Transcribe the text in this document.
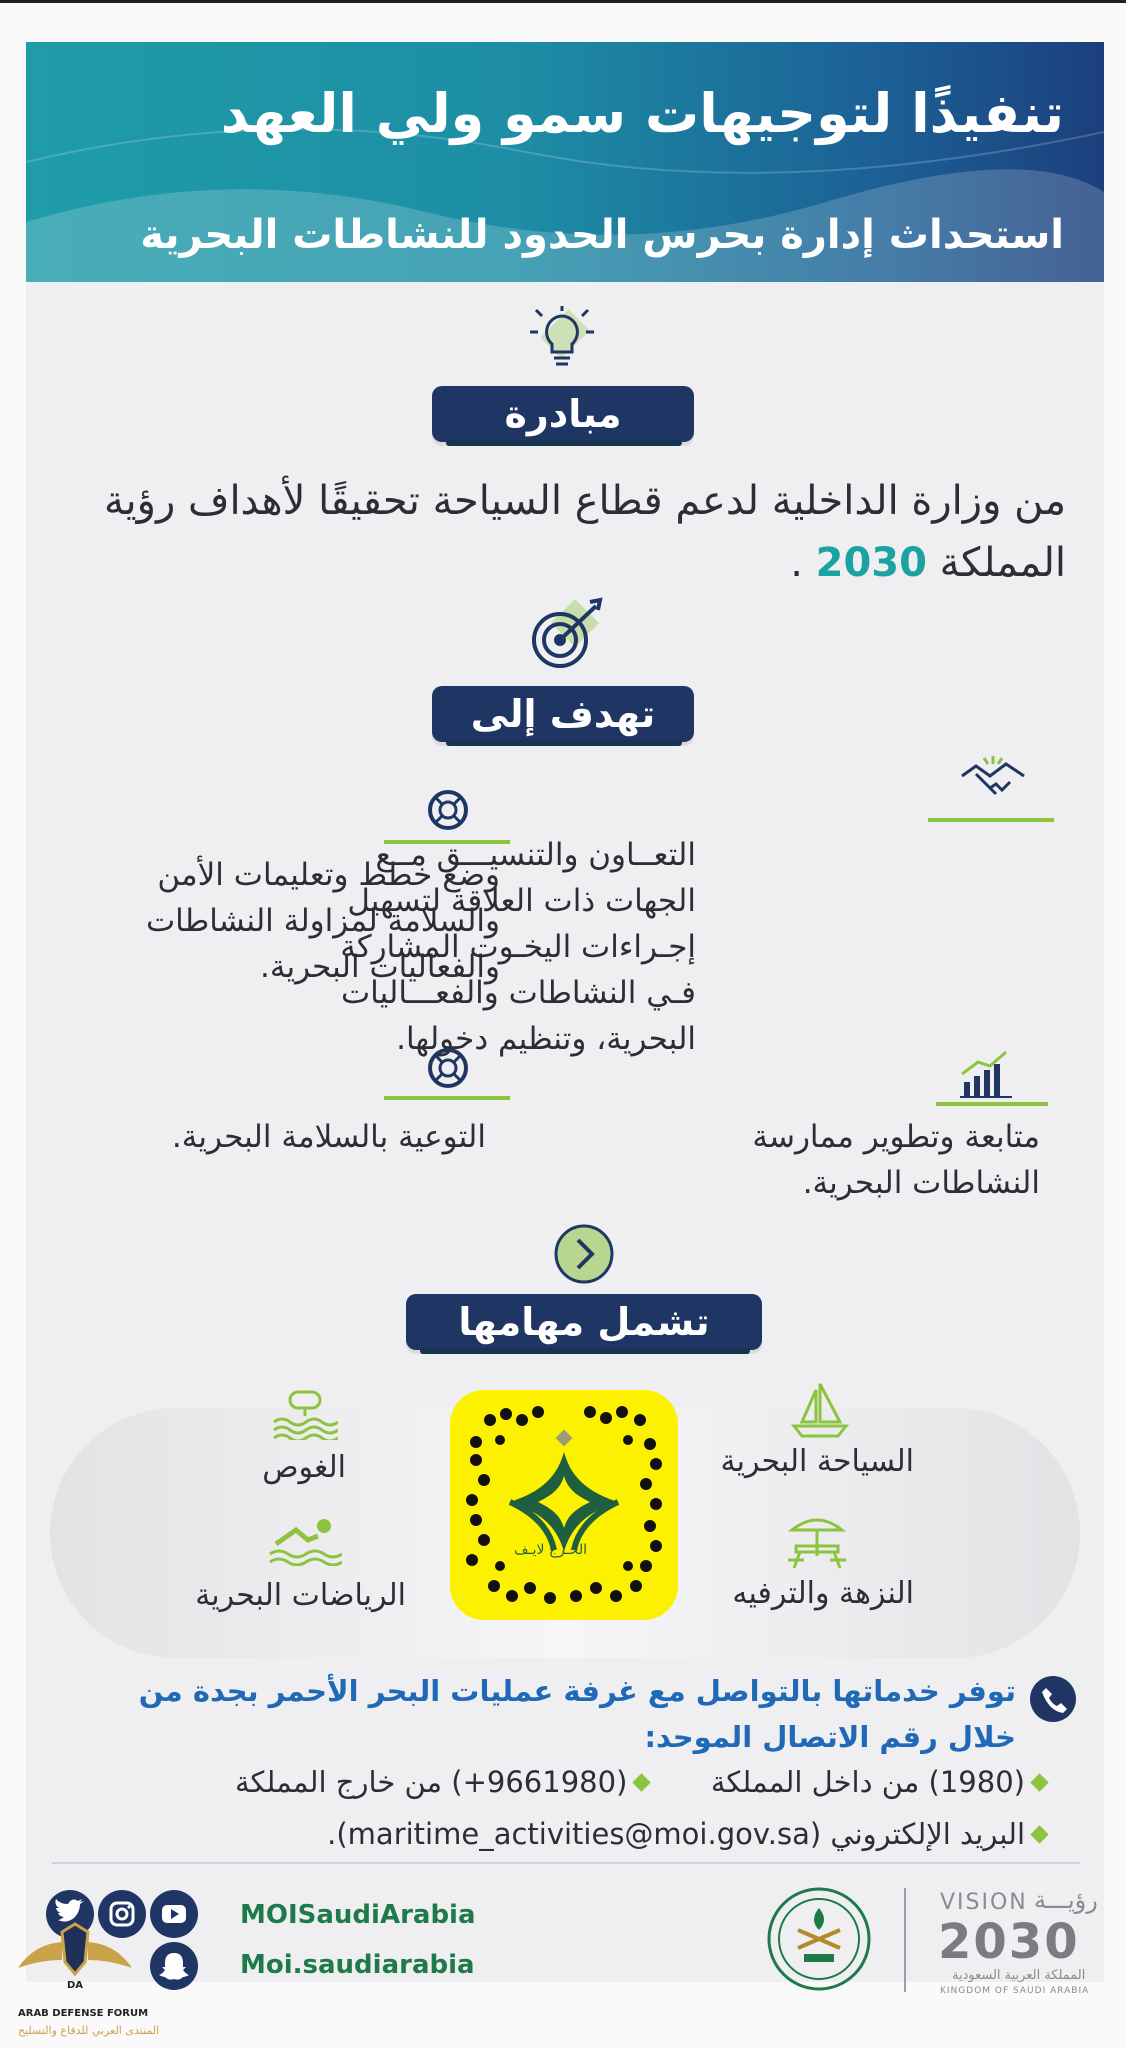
تنفيذًا لتوجيهات سمو ولي العهد
استحداث إدارة بحرس الحدود للنشاطات البحرية
مبادرة
من وزارة الداخلية لدعم قطاع السياحة تحقيقًا لأهداف رؤية
المملكة 2030 .
تهدف إلى
التعــاون والتنسيـــق مــع
الجهات ذات العلاقة لتسهيل
إجـراءات اليخـوت المشاركة
فـي النشاطات والفعـــاليات
البحرية، وتنظيم دخولها.
وضع خطط وتعليمات الأمن
والسلامة لمزاولة النشاطات
والفعاليات البحرية.
متابعة وتطوير ممارسة
النشاطات البحرية.
التوعية بالسلامة البحرية.
تشمل مهامها
السياحة البحرية
النزهة والترفيه
الغوص
الرياضات البحرية
الخـرج لايـف
توفر خدماتها بالتواصل مع غرفة عمليات البحر الأحمر بجدة من
خلال رقم الاتصال الموحد:
(1980) من داخل المملكة  (9661980+) من خارج المملكة
البريد الإلكتروني (maritime_activities@moi.gov.sa).
MOISaudiArabia
Moi.saudiarabia
VISION رؤيـــة
2030
المملكة العربية السعودية
KINGDOM OF SAUDI ARABIA
DA
ARAB DEFENSE FORUM
المنتدى العربي للدفاع والتسليح
